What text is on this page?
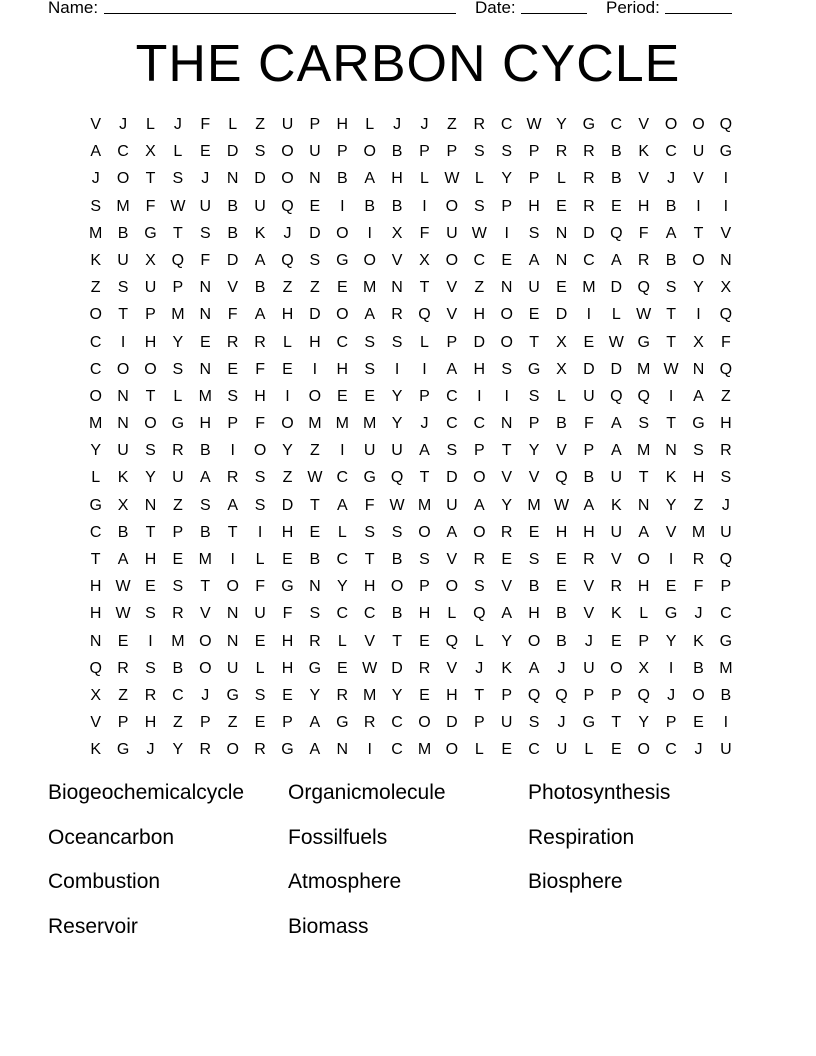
Name:	Date:	Period:
THE CARBON CYCLE
V	J	L	J	F	L	Z	U	P	H	L	J	J	Z	R C W Y G C	V O O Q
A	C	X	L	E	D	S O U	P O B	P	P	S	S	P	R R	B	K	C U G
J	O	T	S	J	N D O N	B	A	H	L W L	Y	P	L	R	B	V	J	V	I
S M F W U	B	U Q E	I	B	B	I	O S	P	H	E	R	E	H	B	I	I
M B G	T	S	B	K	J	D O	I	X	F	U W	I	S	N D Q	F	A	T	V
K	U	X Q	F	D	A Q S G O V	X O C	E	A	N C	A	R	B O N
Z	S	U	P	N	V	B	Z	Z	E M N	T	V	Z	N U	E M D Q S	Y	X
O	T	P M N	F	A	H D O A	R Q V	H O E	D	I	L W T	I	Q
C	I	H	Y	E	R R	L	H C	S	S	L	P	D O	T	X	E W G	T	X	F
C O O S	N	E	F	E	I	H	S	I	I	A	H	S G X	D D M W N Q
O N	T	L	M S	H	I	O E	E	Y	P	C	I	I	S	L	U Q Q	I	A	Z
M N O G H	P	F	O M M M Y	J	C C N	P	B	F	A	S	T	G H
Y	U	S	R	B	I	O Y	Z	I	U U	A	S	P	T	Y	V	P	A M N	S	R
L	K	Y	U	A	R	S	Z W C G Q	T	D O V	V Q B	U	T	K	H	S
G X	N	Z	S	A	S	D	T	A	F W M U	A	Y M W A	K	N	Y	Z	J
C	B	T	P	B	T	I	H	E	L	S	S O A O R	E	H H U	A	V M U
T	A	H	E M	I	L	E	B	C	T	B	S	V	R	E	S	E	R	V O	I	R Q
H W E	S	T	O	F	G N	Y	H O P O S	V	B	E	V	R H	E	F	P
H W S	R	V	N U	F	S	C C	B	H	L	Q A	H	B	V	K	L	G	J	C
N	E	I	M O N	E	H R	L	V	T	E Q	L	Y O B	J	E	P	Y	K G
Q R	S	B O U	L	H G E W D R	V	J	K	A	J	U O X	I	B M
X	Z	R C	J	G S	E	Y	R M Y	E	H	T	P Q Q P	P Q	J	O B
V	P	H	Z	P	Z	E	P	A G R C O D	P	U	S	J	G	T	Y	P	E	I
K G	J	Y	R O R G A	N	I	C M O	L	E	C U	L	E O C	J	U
Biogeochemicalcycle Organicmolecule	Photosynthesis
Oceancarbon	Fossilfuels	Respiration
Combustion	Atmosphere	Biosphere
Reservoir	Biomass
